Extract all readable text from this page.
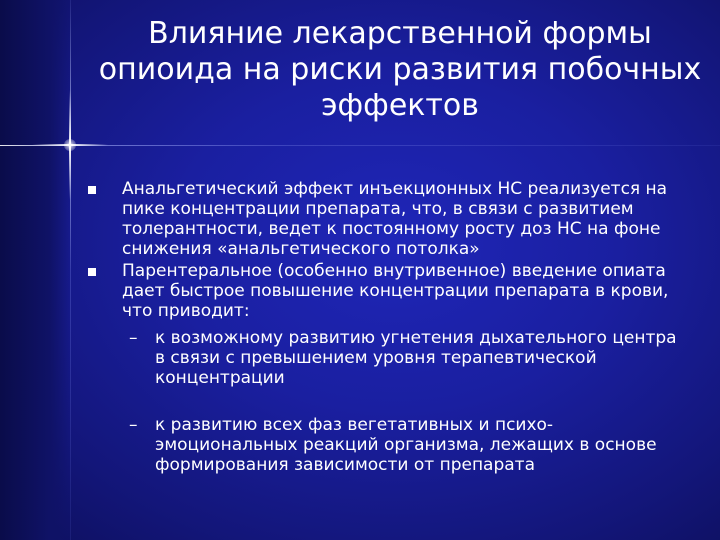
Влияние лекарственной формы
опиоида на риски развития побочных
эффектов
Анальгетический эффект инъекционных НС реализуется на пике концентрации препарата, что, в связи с развитием толерантности, ведет к постоянному росту доз НС на фоне снижения «анальгетического потолка»
Парентеральное (особенно внутривенное) введение опиата дает быстрое повышение концентрации препарата в крови, что приводит:
– к возможному развитию угнетения дыхательного центра в связи с превышением уровня терапевтической концентрации
– к развитию всех фаз вегетативных и психо-эмоциональных реакций организма, лежащих в основе формирования зависимости от препарата
